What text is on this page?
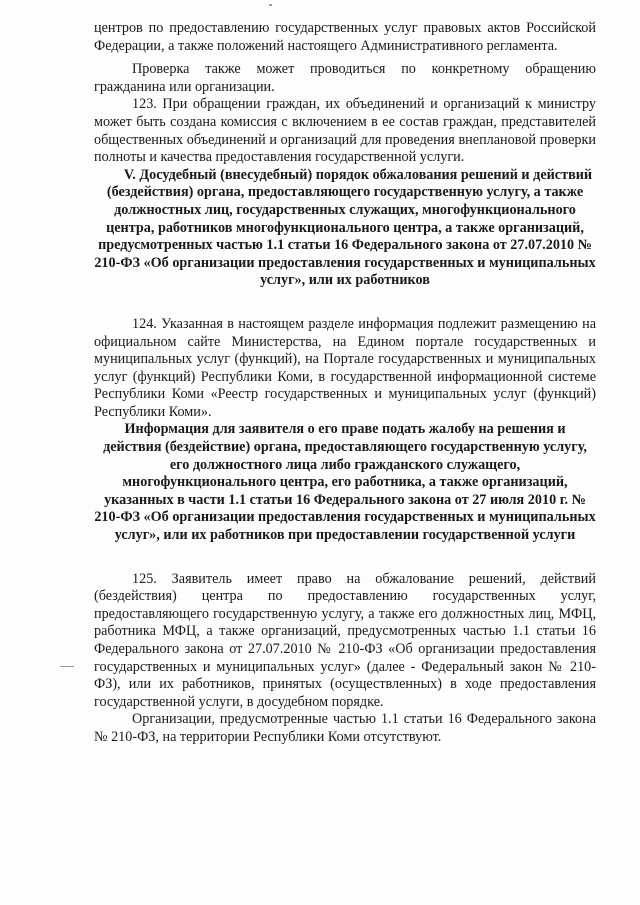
центров по предоставлению государственных услуг правовых актов Российской Федерации, а также положений настоящего Административного регламента.

Проверка также может проводиться по конкретному обращению гражданина или организации.

123. При обращении граждан, их объединений и организаций к министру может быть создана комиссия с включением в ее состав граждан, представителей общественных объединений и организаций для проведения внеплановой проверки полноты и качества предоставления государственной услуги.

V. Досудебный (внесудебный) порядок обжалования решений и действий (бездействия) органа, предоставляющего государственную услугу, а также должностных лиц, государственных служащих, многофункционального центра, работников многофункционального центра, а также организаций, предусмотренных частью 1.1 статьи 16 Федерального закона от 27.07.2010 № 210-ФЗ «Об организации предоставления государственных и муниципальных услуг», или их работников

124. Указанная в настоящем разделе информация подлежит размещению на официальном сайте Министерства, на Едином портале государственных и муниципальных услуг (функций), на Портале государственных и муниципальных услуг (функций) Республики Коми, в государственной информационной системе Республики Коми «Реестр государственных и муниципальных услуг (функций) Республики Коми».

Информация для заявителя о его праве подать жалобу на решения и действия (бездействие) органа, предоставляющего государственную услугу, его должностного лица либо гражданского служащего, многофункционального центра, его работника, а также организаций, указанных в части 1.1 статьи 16 Федерального закона от 27 июля 2010 г. № 210-ФЗ «Об организации предоставления государственных и муниципальных услуг», или их работников при предоставлении государственной услуги

125. Заявитель имеет право на обжалование решений, действий (бездействия) центра по предоставлению государственных услуг, предоставляющего государственную услугу, а также его должностных лиц, МФЦ, работника МФЦ, а также организаций, предусмотренных частью 1.1 статьи 16 Федерального закона от 27.07.2010 № 210-ФЗ «Об организации предоставления государственных и муниципальных услуг» (далее - Федеральный закон № 210-ФЗ), или их работников, принятых (осуществленных) в ходе предоставления государственной услуги, в досудебном порядке.

Организации, предусмотренные частью 1.1 статьи 16 Федерального закона № 210-ФЗ, на территории Республики Коми отсутствуют.
